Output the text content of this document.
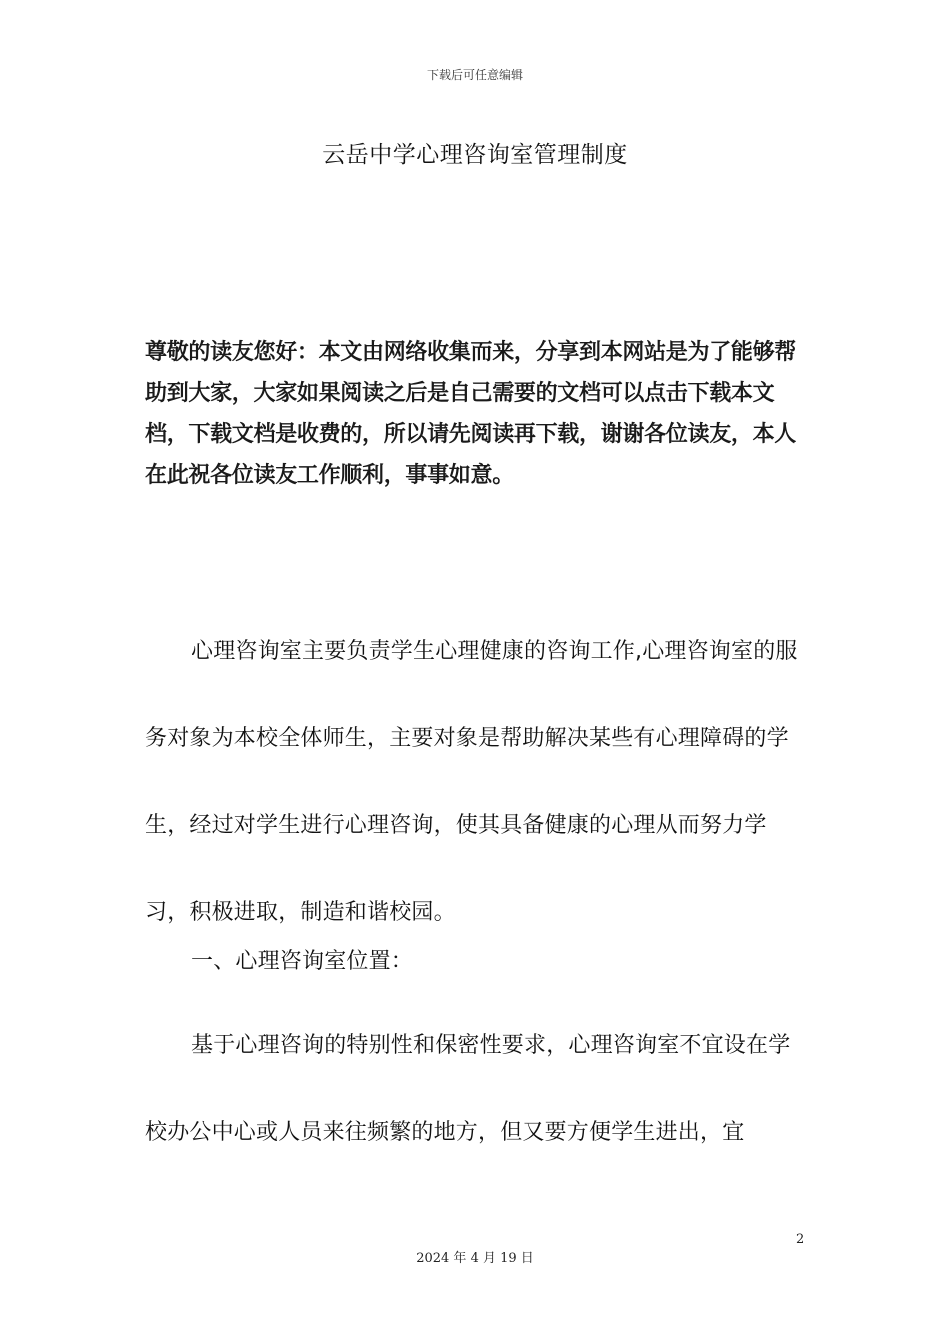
下载后可任意编辑
云岳中学心理咨询室管理制度
尊敬的读友您好：本文由网络收集而来，分享到本网站是为了能够帮助到大家，大家如果阅读之后是自己需要的文档可以点击下载本文档，下载文档是收费的，所以请先阅读再下载，谢谢各位读友，本人在此祝各位读友工作顺利，事事如意。
心理咨询室主要负责学生心理健康的咨询工作,心理咨询室的服务对象为本校全体师生，主要对象是帮助解决某些有心理障碍的学生，经过对学生进行心理咨询，使其具备健康的心理从而努力学习，积极进取，制造和谐校园。
一、心理咨询室位置：
基于心理咨询的特别性和保密性要求，心理咨询室不宜设在学校办公中心或人员来往频繁的地方，但又要方便学生进出，宜
2
2024 年 4 月 19 日
